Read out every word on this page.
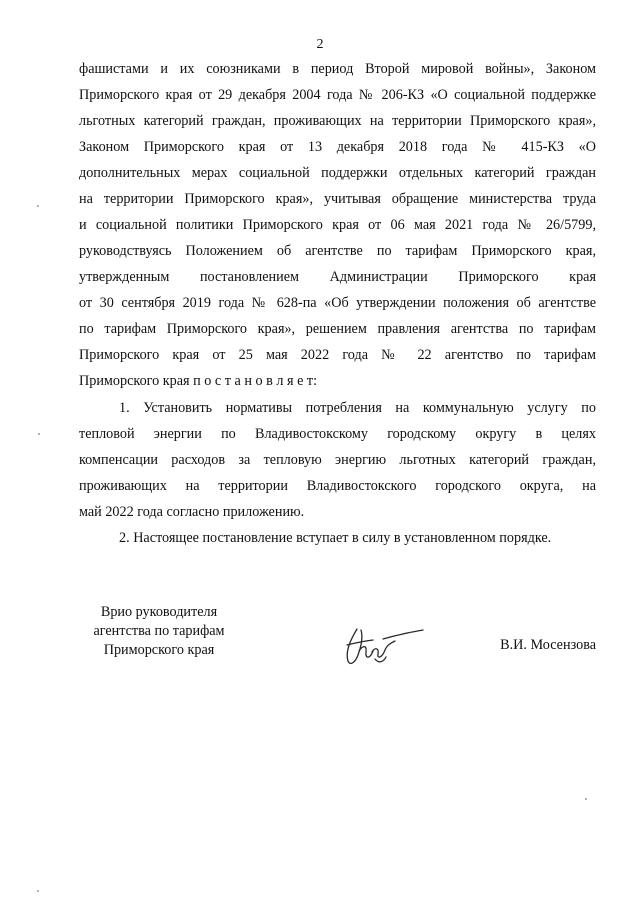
2
фашистами и их союзниками в период Второй мировой войны», Законом
Приморского края от 29 декабря 2004 года № 206-КЗ «О социальной поддержке
льготных категорий граждан, проживающих на территории Приморского края»,
Законом Приморского края от 13 декабря 2018 года № 415-КЗ «О
дополнительных мерах социальной поддержки отдельных категорий граждан
на территории Приморского края», учитывая обращение министерства труда
и социальной политики Приморского края от 06 мая 2021 года № 26/5799,
руководствуясь Положением об агентстве по тарифам Приморского края,
утвержденным постановлением Администрации Приморского края
от 30 сентября 2019 года № 628-па «Об утверждении положения об агентстве
по тарифам Приморского края», решением правления агентства по тарифам
Приморского края от 25 мая 2022 года № 22 агентство по тарифам
Приморского края п о с т а н о в л я е т:
1. Установить нормативы потребления на коммунальную услугу по
тепловой энергии по Владивостокскому городскому округу в целях
компенсации расходов за тепловую энергию льготных категорий граждан,
проживающих на территории Владивостокского городского округа, на
май 2022 года согласно приложению.
2. Настоящее постановление вступает в силу в установленном порядке.
Врио руководителя
агентства по тарифам
Приморского края	В.И. Мосензова
